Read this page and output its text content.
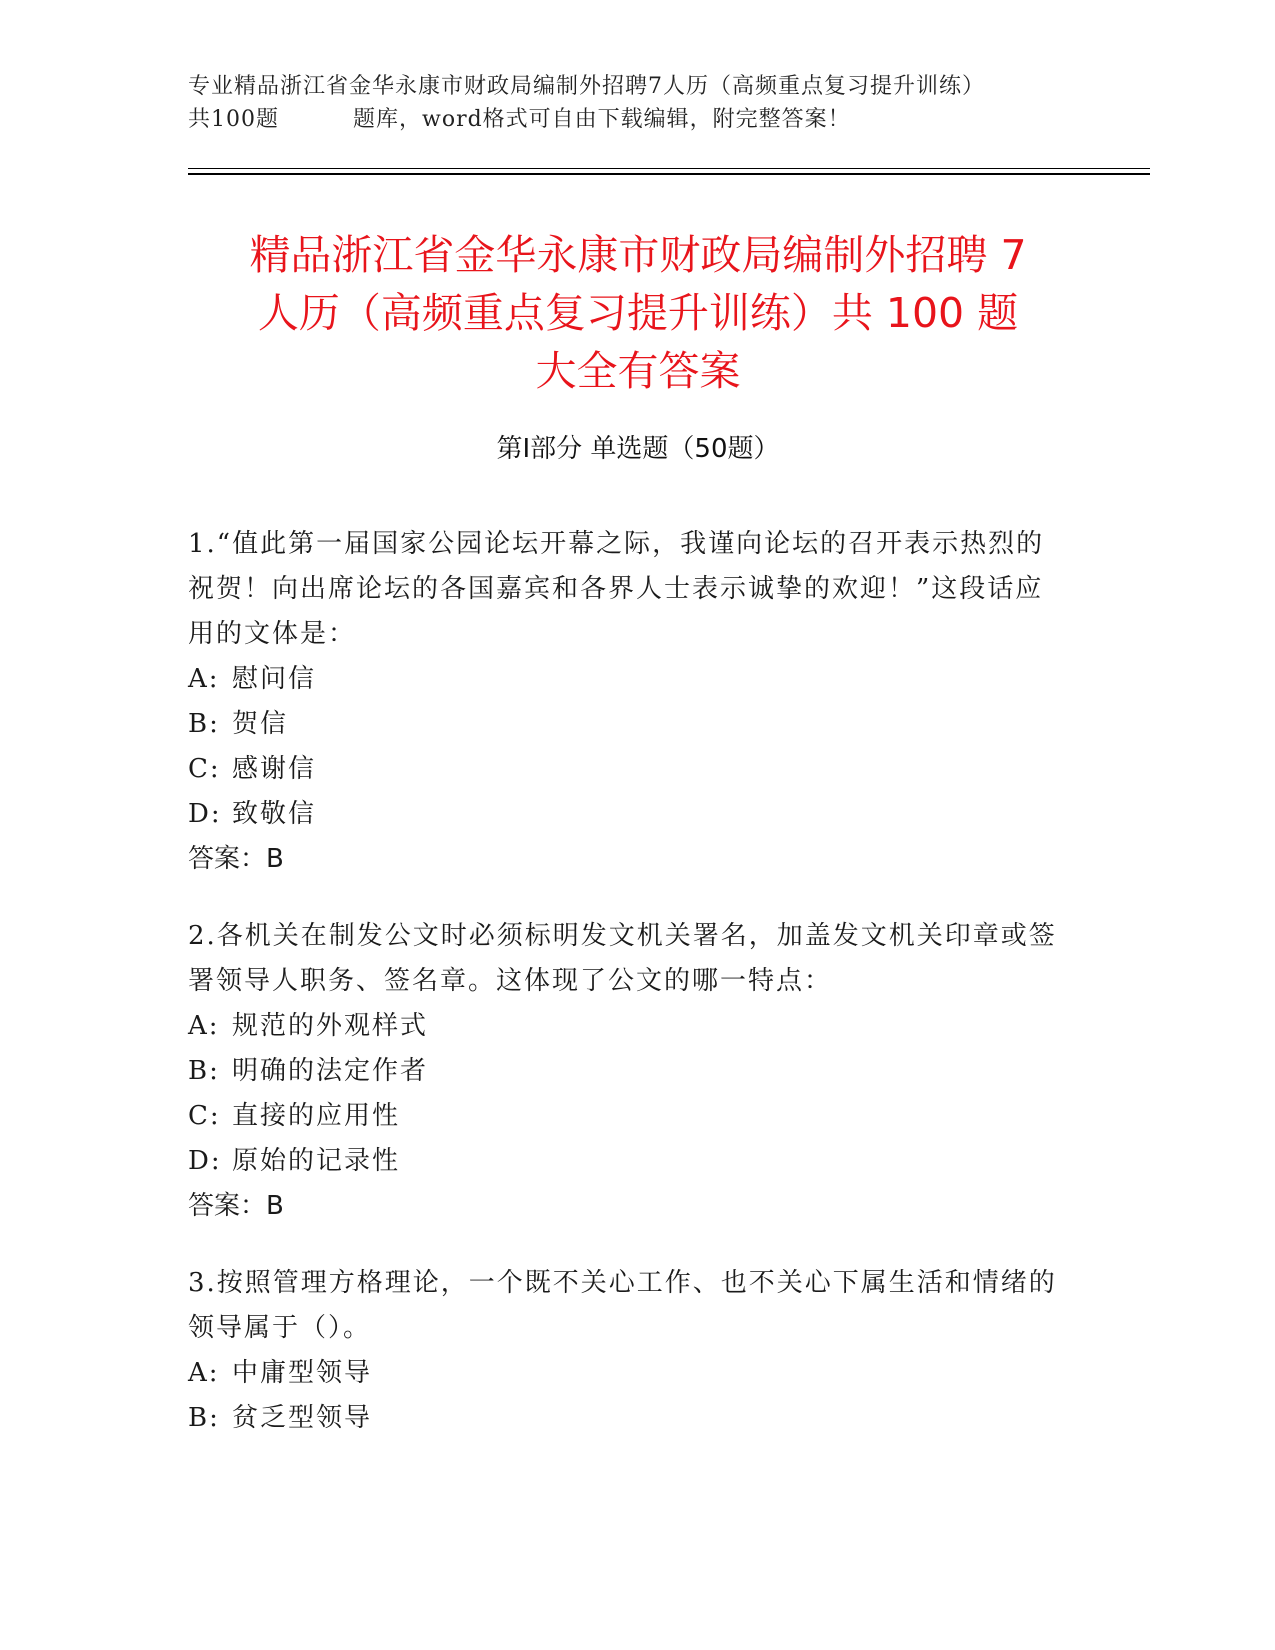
专业精品浙江省金华永康市财政局编制外招聘7人历（高频重点复习提升训练）
共100题	题库，word格式可自由下载编辑，附完整答案！
精品浙江省金华永康市财政局编制外招聘 7
人历（高频重点复习提升训练）共 100 题
大全有答案
第Ⅰ部分 单选题（50题）

1.“值此第一届国家公园论坛开幕之际，我谨向论坛的召开表示热烈的祝贺！向出席论坛的各国嘉宾和各界人士表示诚挚的欢迎！”这段话应用的文体是：

A: 慰问信

B: 贺信

C: 感谢信

D: 致敬信

答案：B

2.各机关在制发公文时必须标明发文机关署名，加盖发文机关印章或签署领导人职务、签名章。这体现了公文的哪一特点：

A: 规范的外观样式

B: 明确的法定作者

C: 直接的应用性

D: 原始的记录性

答案：B

3.按照管理方格理论，一个既不关心工作、也不关心下属生活和情绪的领导属于（）。

A: 中庸型领导

B: 贫乏型领导
